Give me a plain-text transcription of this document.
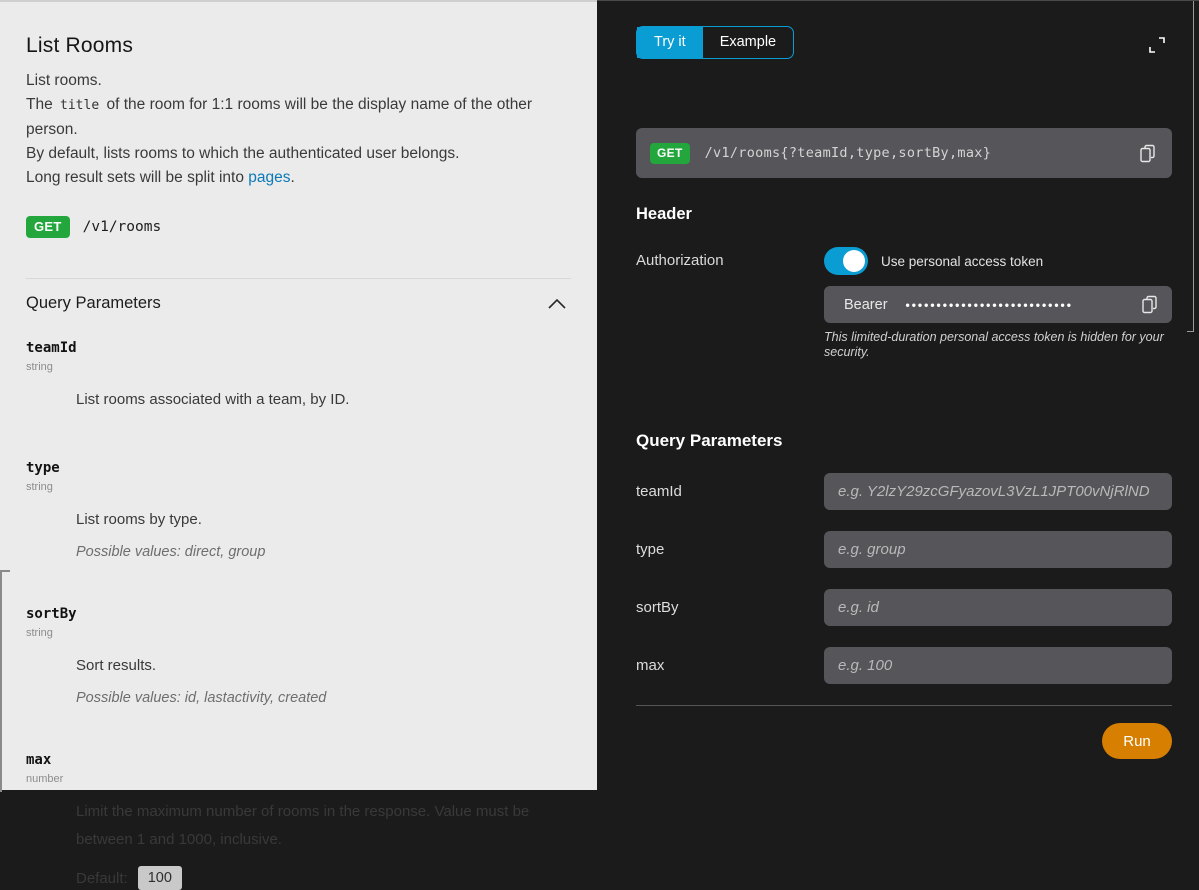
List Rooms
List rooms.
The title of the room for 1:1 rooms will be the display name of the other person.
By default, lists rooms to which the authenticated user belongs.
Long result sets will be split into pages.
GET	/v1/rooms
Query Parameters
teamId
string
List rooms associated with a team, by ID.
type
string
List rooms by type.
Possible values: direct, group
sortBy
string
Sort results.
Possible values: id, lastactivity, created
max
number
Limit the maximum number of rooms in the response. Value must be between 1 and 1000, inclusive.
Default:	100
Try it	Example
GET	/v1/rooms{?teamId,type,sortBy,max}
Header
Authorization	Use personal access token
Bearer •••••••••••••••••••••••••••
This limited-duration personal access token is hidden for your security.
Query Parameters
teamId
e.g. Y2lzY29zcGFyazovL3VzL1JPT00vNjRlND
type
e.g. group
sortBy
e.g. id
max
e.g. 100
Run
